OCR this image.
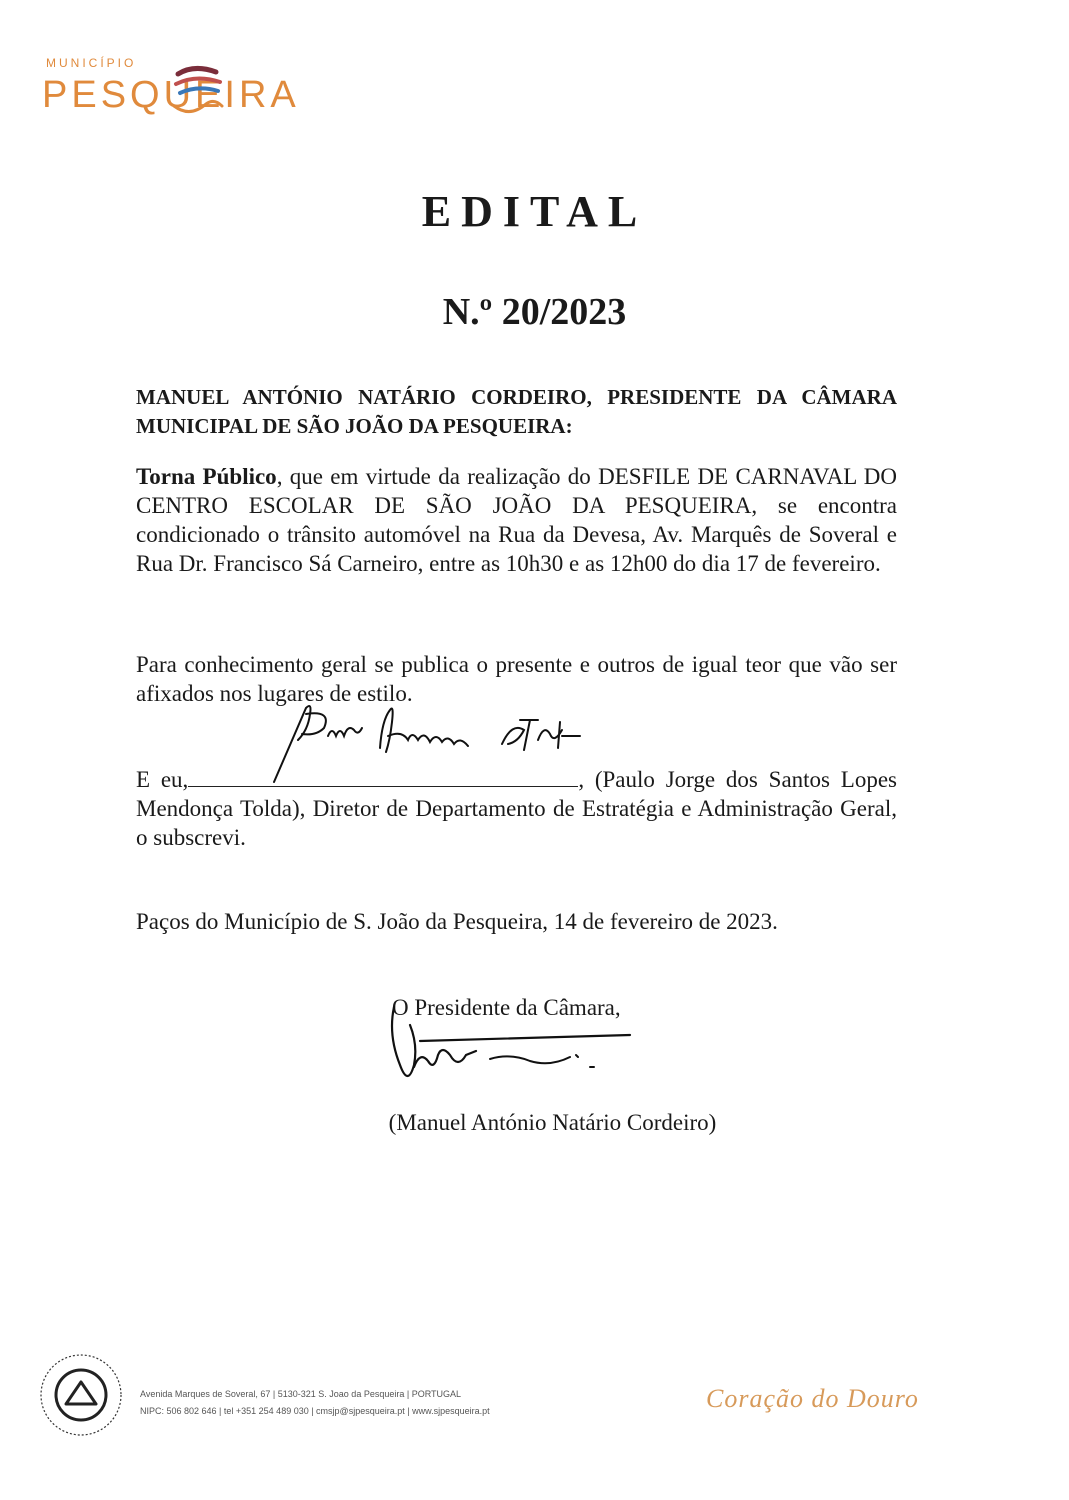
MUNICÍPIO
PESQUEIRA
EDITAL
N.º 20/2023
MANUEL ANTÓNIO NATÁRIO CORDEIRO, PRESIDENTE DA CÂMARA MUNICIPAL DE SÃO JOÃO DA PESQUEIRA:
Torna Público, que em virtude da realização do DESFILE DE CARNAVAL DO CENTRO ESCOLAR DE SÃO JOÃO DA PESQUEIRA, se encontra condicionado o trânsito automóvel na Rua da Devesa, Av. Marquês de Soveral e Rua Dr. Francisco Sá Carneiro, entre as 10h30 e as 12h00 do dia 17 de fevereiro.
Para conhecimento geral se publica o presente e outros de igual teor que vão ser afixados nos lugares de estilo.
E eu,	, (Paulo Jorge dos Santos Lopes Mendonça Tolda), Diretor de Departamento de Estratégia e Administração Geral, o subscrevi.
Paços do Município de S. João da Pesqueira, 14 de fevereiro de 2023.
O Presidente da Câmara,
(Manuel António Natário Cordeiro)
Avenida Marques de Soveral, 67 | 5130-321 S. Joao da Pesqueira | PORTUGAL
NIPC: 506 802 646 | tel +351 254 489 030 | cmsjp@sjpesqueira.pt | www.sjpesqueira.pt	Coração do Douro
